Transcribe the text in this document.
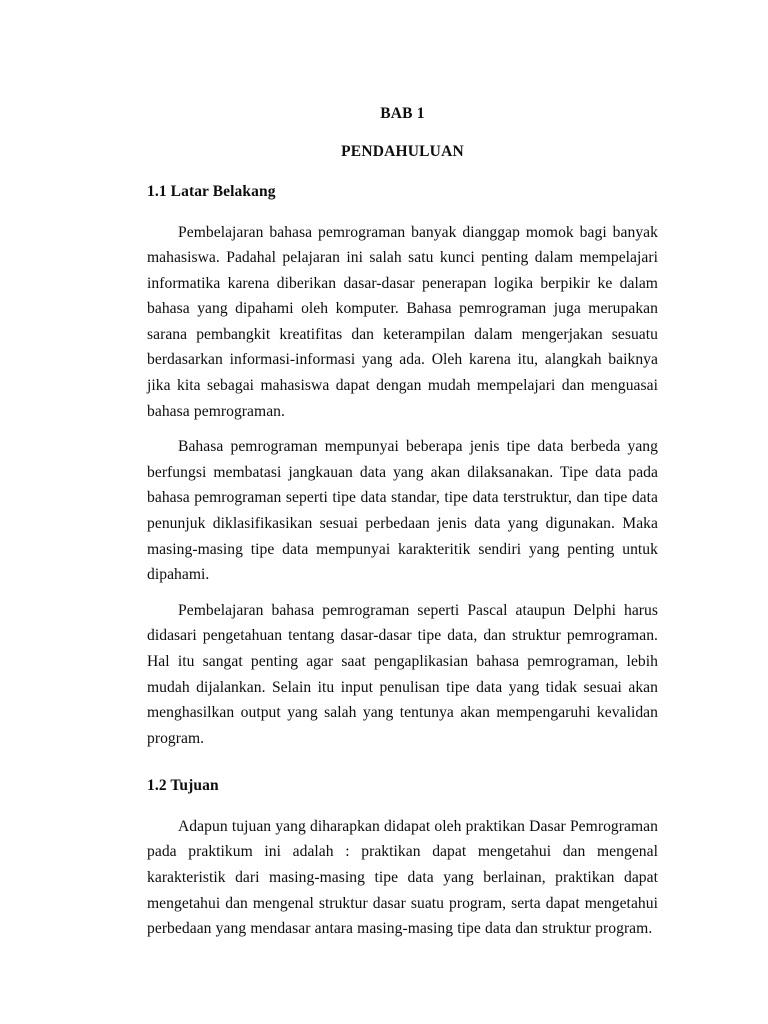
BAB 1
PENDAHULUAN
1.1 Latar Belakang

Pembelajaran bahasa pemrograman banyak dianggap momok bagi banyak mahasiswa. Padahal pelajaran ini salah satu kunci penting dalam mempelajari informatika karena diberikan dasar-dasar penerapan logika berpikir ke dalam bahasa yang dipahami oleh komputer. Bahasa pemrograman juga merupakan sarana pembangkit kreatifitas dan keterampilan dalam mengerjakan sesuatu berdasarkan informasi-informasi yang ada. Oleh karena itu, alangkah baiknya jika kita sebagai mahasiswa dapat dengan mudah mempelajari dan menguasai bahasa pemrograman.

Bahasa pemrograman mempunyai beberapa jenis tipe data berbeda yang berfungsi membatasi jangkauan data yang akan dilaksanakan. Tipe data pada bahasa pemrograman seperti tipe data standar, tipe data terstruktur, dan tipe data penunjuk diklasifikasikan sesuai perbedaan jenis data yang digunakan. Maka masing-masing tipe data mempunyai karakteritik sendiri yang penting untuk dipahami.

Pembelajaran bahasa pemrograman seperti Pascal ataupun Delphi harus didasari pengetahuan tentang dasar-dasar tipe data, dan struktur pemrograman. Hal itu sangat penting agar saat pengaplikasian bahasa pemrograman, lebih mudah dijalankan. Selain itu input penulisan tipe data yang tidak sesuai akan menghasilkan output yang salah yang tentunya akan mempengaruhi kevalidan program.

1.2 Tujuan

Adapun tujuan yang diharapkan didapat oleh praktikan Dasar Pemrograman pada praktikum ini adalah : praktikan dapat mengetahui dan mengenal karakteristik dari masing-masing tipe data yang berlainan, praktikan dapat mengetahui dan mengenal struktur dasar suatu program, serta dapat mengetahui perbedaan yang mendasar antara masing-masing tipe data dan struktur program.
